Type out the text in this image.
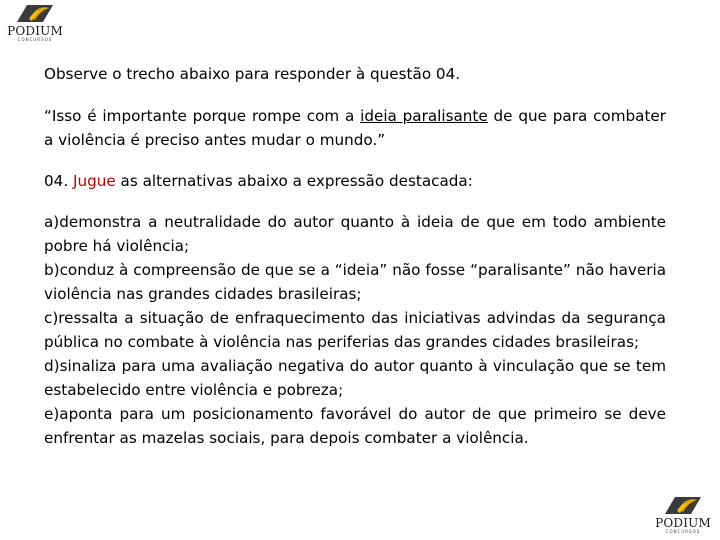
PODIUM
CONCURSOS

Observe o trecho abaixo para responder à questão 04.

“Isso é importante porque rompe com a ideia paralisante de que para combater a violência é preciso antes mudar o mundo.”

04. Jugue as alternativas abaixo a expressão destacada:

a)demonstra a neutralidade do autor quanto à ideia de que em todo ambiente pobre há violência;

b)conduz à compreensão de que se a “ideia” não fosse “paralisante” não haveria violência nas grandes cidades brasileiras;

c)ressalta a situação de enfraquecimento das iniciativas advindas da segurança pública no combate à violência nas periferias das grandes cidades brasileiras;

d)sinaliza para uma avaliação negativa do autor quanto à vinculação que se tem estabelecido entre violência e pobreza;

e)aponta para um posicionamento favorável do autor de que primeiro se deve enfrentar as mazelas sociais, para depois combater a violência.

PODIUM
CONCURSOS
